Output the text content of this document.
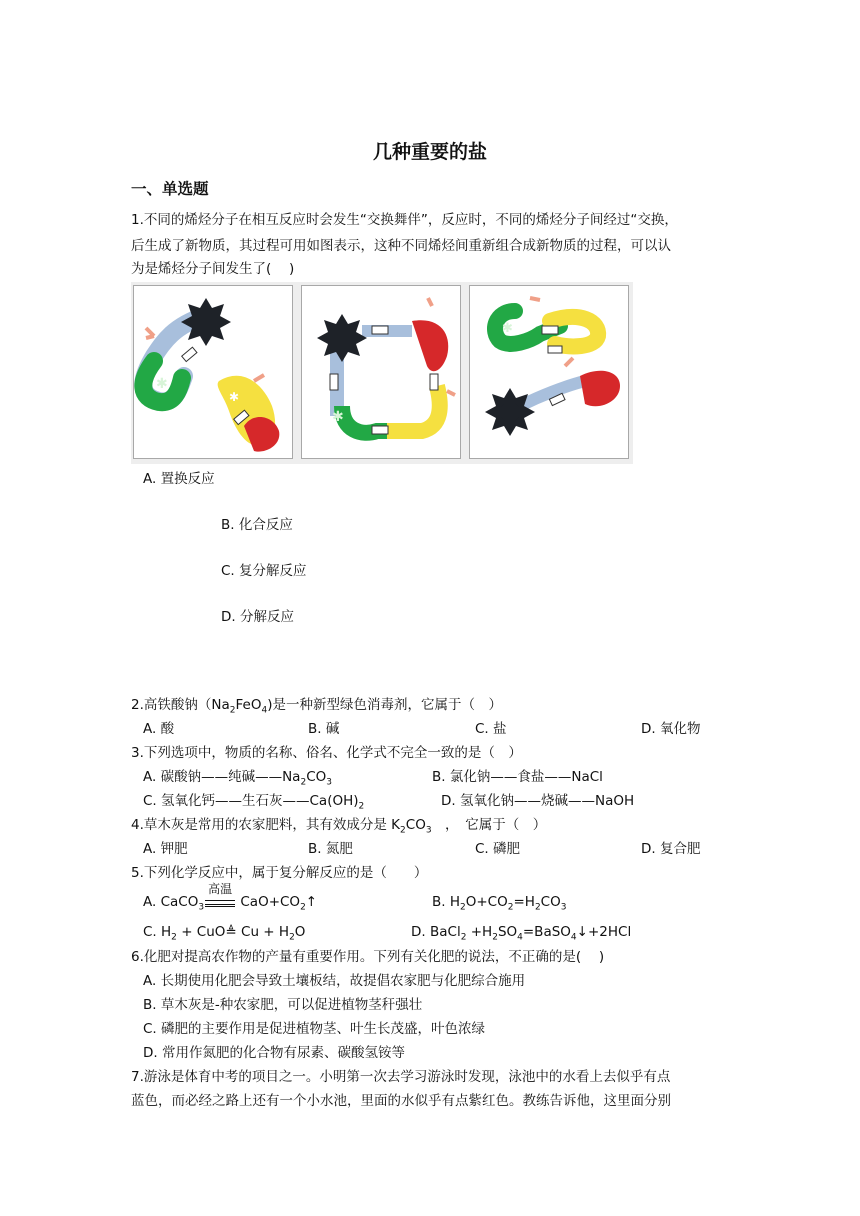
几种重要的盐
一、单选题
1.不同的烯烃分子在相互反应时会发生“交换舞伴”，反应时，不同的烯烃分子间经过“交换，
后生成了新物质，其过程可用如图表示，这种不同烯烃间重新组合成新物质的过程，可以认
为是烯烃分子间发生了(　 )
✱
✱
✱	✱
✱	✱
A. 置换反应
B. 化合反应
C. 复分解反应
D. 分解反应
2.高铁酸钠$(Na_2FeO_4)$是一种新型绿色消毒剂，它属于（　）
A. 酸	B. 碱	C. 盐	D. 氧化物
3.下列选项中，物质的名称、俗名、化学式不完全一致的是（　）
A. 碳酸钠——纯碱$——Na_2CO_3$	B. 氯化钠——食盐——NaCl
C. 氢氧化钙——生石灰$——Ca(OH)_2$	D. 氢氧化钠——烧碱——NaOH
4.草木灰是常用的农家肥料，其有效成分是 $K_2CO_3$　，　它属于（　）
A. 钾肥	B. 氮肥	C. 磷肥	D. 复合肥
5.下列化学反应中，属于复分解反应的是（　　）
A. CaCO$_3$
高温
$CaO+CO_2↑$	B. $H_2O+CO_2=H_2CO_3$
C. $H_2$ + CuO≜ $Cu + H_2O$	D. BaCl$_2$ $+H_2SO_4=BaSO_4↓+2HCl$
6.化肥对提高农作物的产量有重要作用。下列有关化肥的说法，不正确的是(　 )
A. 长期使用化肥会导致土壤板结，故提倡农家肥与化肥综合施用
B. 草木灰是-种农家肥，可以促进植物茎秆强壮
C. 磷肥的主要作用是促进植物茎、叶生长茂盛，叶色浓绿
D. 常用作氮肥的化合物有尿素、碳酸氢铵等
7.游泳是体育中考的项目之一。小明第一次去学习游泳时发现，泳池中的水看上去似乎有点
蓝色，而必经之路上还有一个小水池，里面的水似乎有点紫红色。教练告诉他，这里面分别
